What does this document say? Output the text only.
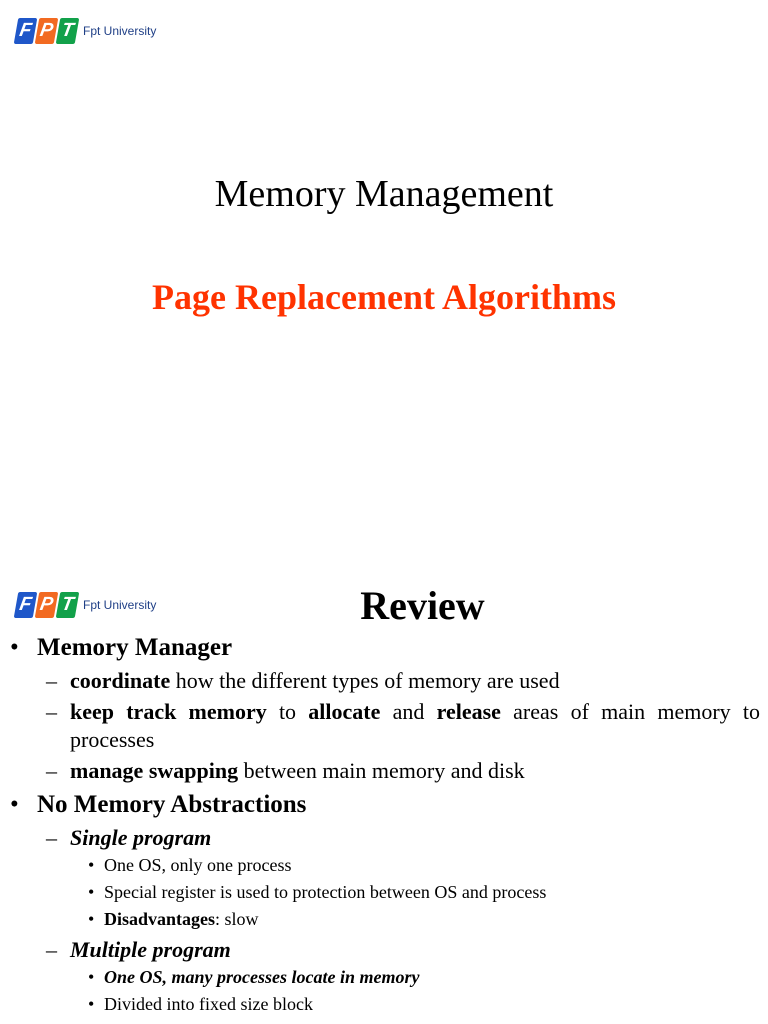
F P T Fpt University
Memory Management
Page Replacement Algorithms
F P T Fpt University	Review
• Memory Manager
– coordinate how the different types of memory are used
– keep track memory to allocate and release areas of main memory to processes
– manage swapping between main memory and disk
• No Memory Abstractions
– Single program
• One OS, only one process
• Special register is used to protection between OS and process
• Disadvantages: slow
– Multiple program
• One OS, many processes locate in memory
• Divided into fixed size block
